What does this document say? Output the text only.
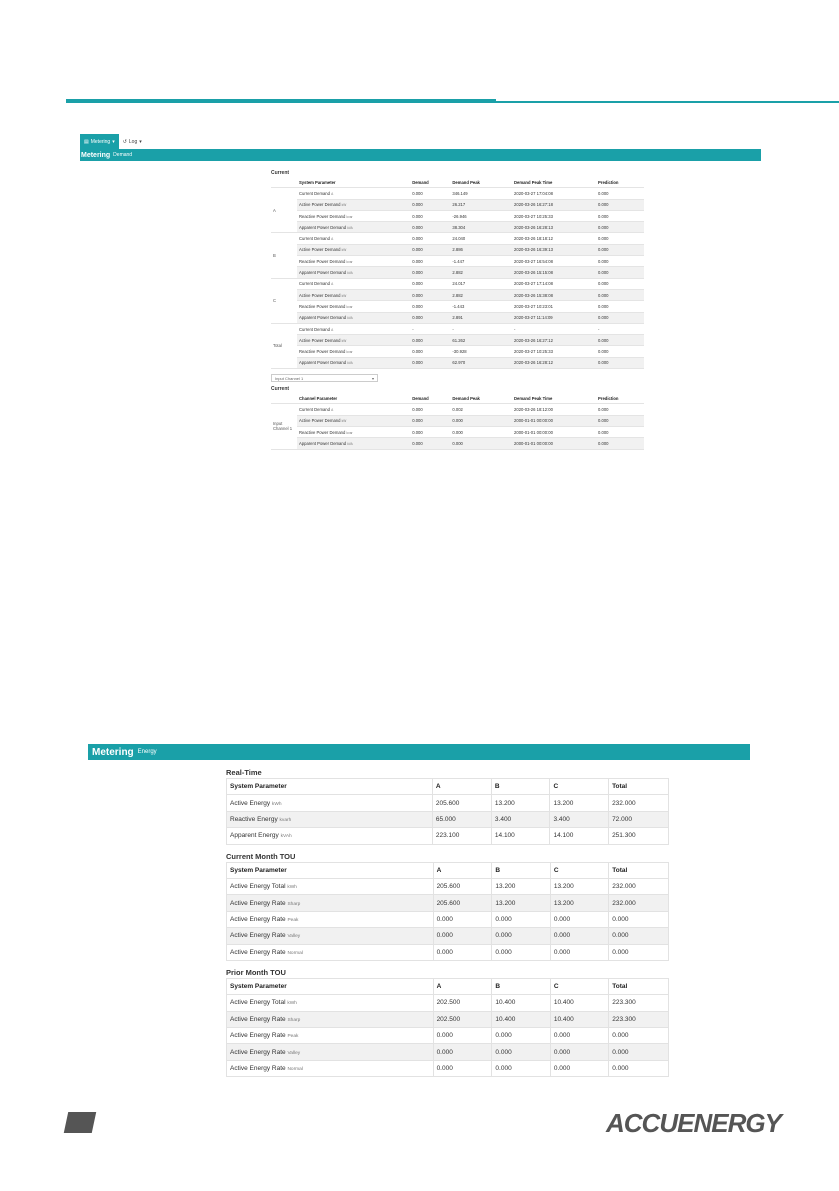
▤ Metering ▾ ↺ Log ▾
Metering Demand
Current
	System Parameter	Demand	Demand Peak	Demand Peak Time	Prediction
A	Current Demand A	0.000	346.149	2020-03-27 17:04:08	0.000
	Active Power Demand kW	0.000	26.217	2020-03-26 16:27:18	0.000
	Reactive Power Demand kvar	0.000	-26.946	2020-03-27 10:25:33	0.000
	Apparent Power Demand kVA	0.000	38.304	2020-03-26 16:28:13	0.000
B	Current Demand A	0.000	24.040	2020-03-26 18:18:12	0.000
	Active Power Demand kW	0.000	2.886	2020-03-26 16:39:13	0.000
	Reactive Power Demand kvar	0.000	-1.447	2020-03-27 16:54:08	0.000
	Apparent Power Demand kVA	0.000	2.882	2020-03-26 15:15:08	0.000
C	Current Demand A	0.000	24.017	2020-03-27 17:14:08	0.000
	Active Power Demand kW	0.000	2.882	2020-03-26 15:38:08	0.000
	Reactive Power Demand kvar	0.000	-1.443	2020-03-27 10:23:01	0.000
	Apparent Power Demand kVA	0.000	2.891	2020-03-27 11:14:09	0.000
Total	Current Demand A	-	-	-	-
	Active Power Demand kW	0.000	61.262	2020-03-26 16:27:12	0.000
	Reactive Power Demand kvar	0.000	-30.928	2020-03-27 10:25:33	0.000
	Apparent Power Demand kVA	0.000	62.970	2020-03-26 16:28:12	0.000
Input Channel 1	▾
Current
	Channel Parameter	Demand	Demand Peak	Demand Peak Time	Prediction
Input Channel 1	Current Demand A	0.000	0.002	2020-03-26 18:12:00	0.000
	Active Power Demand kW	0.000	0.000	2000-01-01 00:00:00	0.000
	Reactive Power Demand kvar	0.000	0.000	2000-01-01 00:00:00	0.000
	Apparent Power Demand kVA	0.000	0.000	2000-01-01 00:00:00	0.000
Metering Energy
Real-Time
System Parameter	A	B	C	Total
Active Energy kWh	205.600	13.200	13.200	232.000
Reactive Energy kvarh	65.000	3.400	3.400	72.000
Apparent Energy kVAh	223.100	14.100	14.100	251.300
Current Month TOU
System Parameter	A	B	C	Total
Active Energy Total kWh	205.600	13.200	13.200	232.000
Active Energy Rate Sharp	205.600	13.200	13.200	232.000
Active Energy Rate Peak	0.000	0.000	0.000	0.000
Active Energy Rate Valley	0.000	0.000	0.000	0.000
Active Energy Rate Normal	0.000	0.000	0.000	0.000
Prior Month TOU
System Parameter	A	B	C	Total
Active Energy Total kWh	202.500	10.400	10.400	223.300
Active Energy Rate Sharp	202.500	10.400	10.400	223.300
Active Energy Rate Peak	0.000	0.000	0.000	0.000
Active Energy Rate Valley	0.000	0.000	0.000	0.000
Active Energy Rate Normal	0.000	0.000	0.000	0.000
ACCUENERGY
